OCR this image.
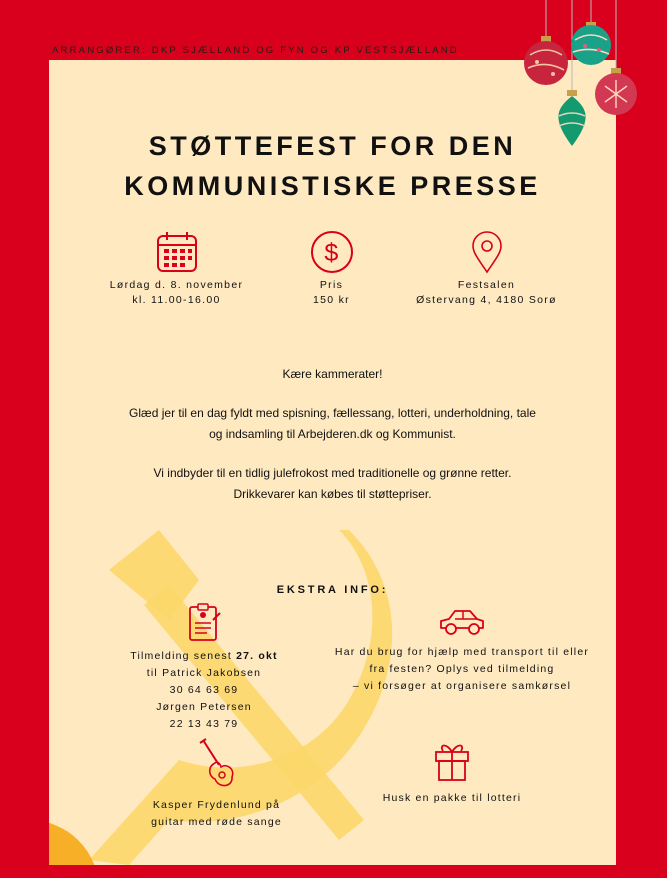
ARRANGØRER: DKP SJÆLLAND OG FYN OG KP VESTSJÆLLAND
STØTTEFEST FOR DEN
KOMMUNISTISKE PRESSE
Lørdag d. 8. november
kl. 11.00-16.00
$
Pris
150 kr
Festsalen
Østervang 4, 4180 Sorø

Kære kammerater!

Glæd jer til en dag fyldt med spisning, fællessang, lotteri, underholdning, tale
og indsamling til Arbejderen.dk og Kommunist.

Vi indbyder til en tidlig julefrokost med traditionelle og grønne retter.
Drikkevarer kan købes til støttepriser.

EKSTRA INFO:
Tilmelding senest 27. okt
til Patrick Jakobsen
30 64 63 69
Jørgen Petersen
22 13 43 79
Har du brug for hjælp med transport til eller
fra festen? Oplys ved tilmelding
– vi forsøger at organisere samkørsel
Kasper Frydenlund på
guitar med røde sange
Husk en pakke til lotteri
